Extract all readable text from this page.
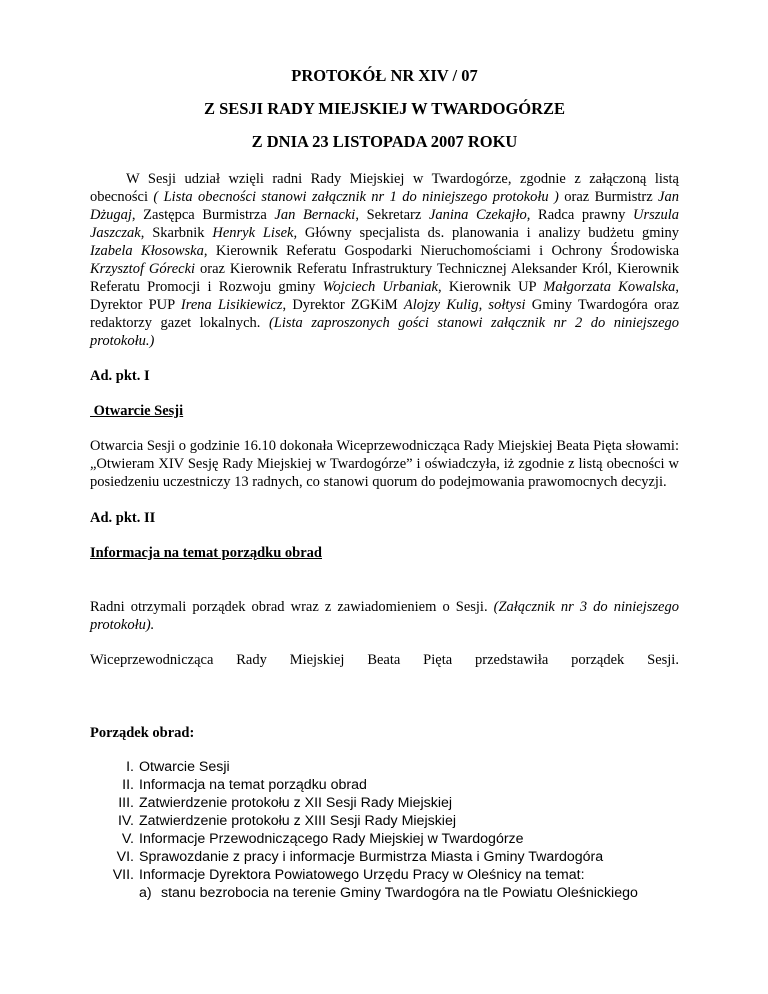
PROTOKÓŁ NR XIV / 07
Z SESJI RADY MIEJSKIEJ W TWARDOGÓRZE
Z DNIA 23 LISTOPADA 2007 ROKU

W Sesji udział wzięli radni Rady Miejskiej w Twardogórze, zgodnie z załączoną listą obecności ( Lista obecności stanowi załącznik nr 1 do niniejszego protokołu ) oraz Burmistrz Jan Dżugaj, Zastępca Burmistrza Jan Bernacki, Sekretarz Janina Czekajło, Radca prawny Urszula Jaszczak, Skarbnik Henryk Lisek, Główny specjalista ds. planowania i analizy budżetu gminy Izabela Kłosowska, Kierownik Referatu Gospodarki Nieruchomościami i Ochrony Środowiska Krzysztof Górecki oraz Kierownik Referatu Infrastruktury Technicznej Aleksander Król, Kierownik Referatu Promocji i Rozwoju gminy Wojciech Urbaniak, Kierownik UP Małgorzata Kowalska, Dyrektor PUP Irena Lisikiewicz, Dyrektor ZGKiM Alojzy Kulig, sołtysi Gminy Twardogóra oraz redaktorzy gazet lokalnych. (Lista zaproszonych gości stanowi załącznik nr 2 do niniejszego protokołu.)

Ad. pkt. I
Otwarcie Sesji

Otwarcia Sesji o godzinie 16.10 dokonała Wiceprzewodnicząca Rady Miejskiej Beata Pięta słowami: „Otwieram XIV Sesję Rady Miejskiej w Twardogórze” i oświadczyła, iż zgodnie z listą obecności w posiedzeniu uczestniczy 13 radnych, co stanowi quorum do podejmowania prawomocnych decyzji.

Ad. pkt. II
Informacja na temat porządku obrad

Radni otrzymali porządek obrad wraz z zawiadomieniem o Sesji. (Załącznik nr 3 do niniejszego protokołu).

Wiceprzewodnicząca Rady Miejskiej Beata Pięta przedstawiła porządek Sesji.
Porządek obrad:
I. Otwarcie Sesji
II. Informacja na temat porządku obrad
III. Zatwierdzenie protokołu z XII Sesji Rady Miejskiej
IV. Zatwierdzenie protokołu z XIII Sesji Rady Miejskiej
V. Informacje Przewodniczącego Rady Miejskiej w Twardogórze
VI. Sprawozdanie z pracy i informacje Burmistrza Miasta i Gminy Twardogóra
VII. Informacje Dyrektora Powiatowego Urzędu Pracy w Oleśnicy na temat:
a) stanu bezrobocia na terenie Gminy Twardogóra na tle Powiatu Oleśnickiego
